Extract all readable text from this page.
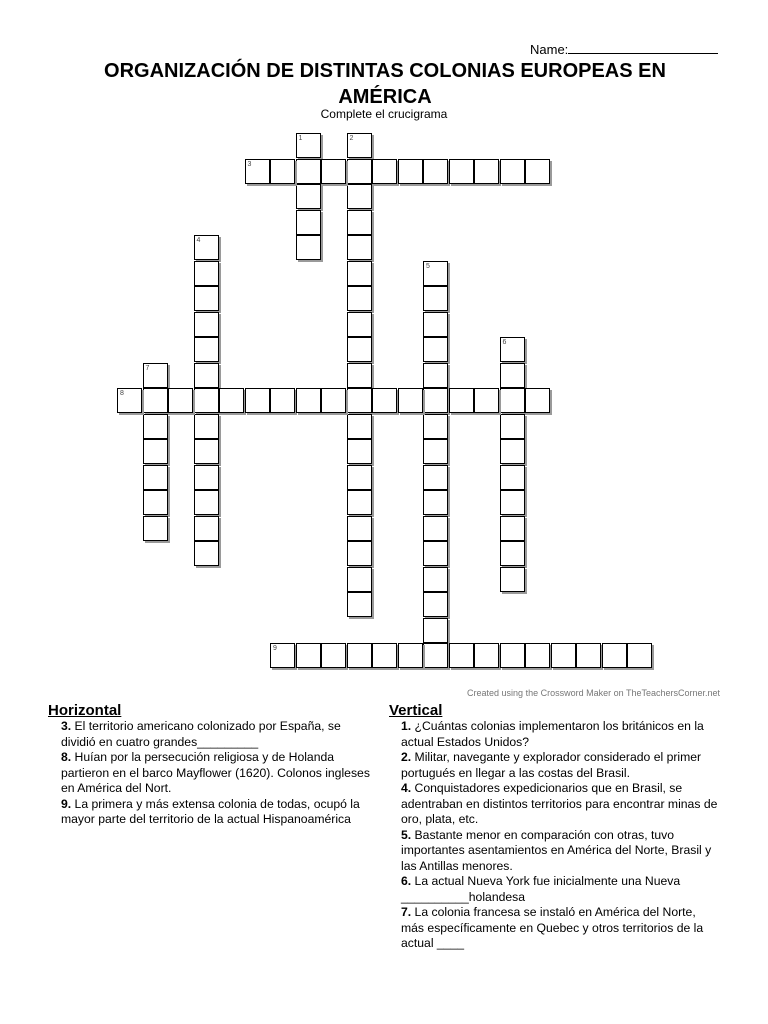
Name:
ORGANIZACIÓN DE DISTINTAS COLONIAS EUROPEAS EN AMÉRICA
Complete el crucigrama
1	2
3
4
5
6
7
8
9
Created using the Crossword Maker on TheTeachersCorner.net
Horizontal
3. El territorio americano colonizado por España, se dividió en cuatro grandes_________
8. Huían por la persecución religiosa y de Holanda partieron en el barco Mayflower (1620). Colonos ingleses en América del Nort.
9. La primera y más extensa colonia de todas, ocupó la mayor parte del territorio de la actual Hispanoamérica
Vertical
1. ¿Cuántas colonias implementaron los británicos en la actual Estados Unidos?
2. Militar, navegante y explorador considerado el primer portugués en llegar a las costas del Brasil.
4. Conquistadores expedicionarios que en Brasil, se adentraban en distintos territorios para encontrar minas de oro, plata, etc.
5. Bastante menor en comparación con otras, tuvo importantes asentamientos en América del Norte, Brasil y las Antillas menores.
6. La actual Nueva York fue inicialmente una Nueva __________holandesa
7. La colonia francesa se instaló en América del Norte, más específicamente en Quebec y otros territorios de la actual ____
